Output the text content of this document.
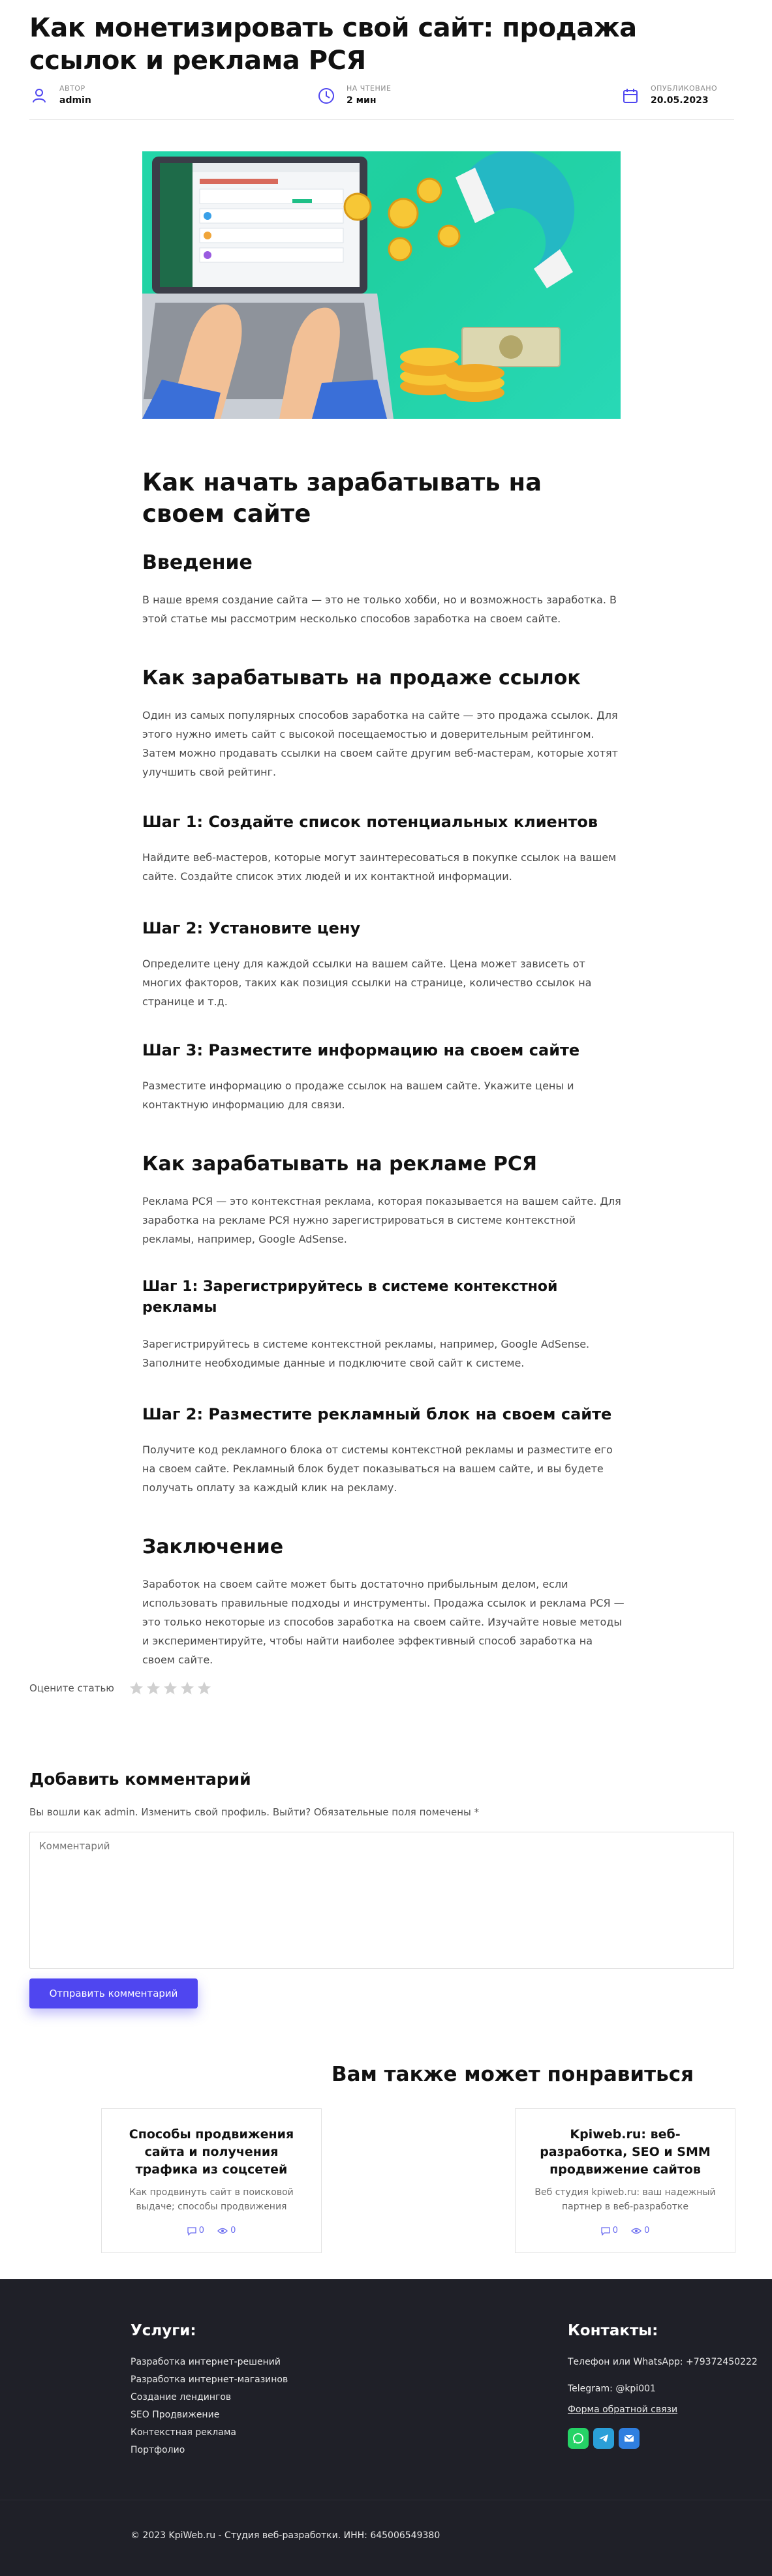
Как монетизировать свой сайт: продажа ссылок и реклама РСЯ
АВТОР
admin
НА ЧТЕНИЕ
2 мин
ОПУБЛИКОВАНО
20.05.2023
Как начать зарабатывать на своем сайте
Введение

В наше время создание сайта — это не только хобби, но и возможность заработка. В этой статье мы рассмотрим несколько способов заработка на своем сайте.

Как зарабатывать на продаже ссылок

Один из самых популярных способов заработка на сайте — это продажа ссылок. Для этого нужно иметь сайт с высокой посещаемостью и доверительным рейтингом. Затем можно продавать ссылки на своем сайте другим веб-мастерам, которые хотят улучшить свой рейтинг.

Шаг 1: Создайте список потенциальных клиентов

Найдите веб-мастеров, которые могут заинтересоваться в покупке ссылок на вашем сайте. Создайте список этих людей и их контактной информации.

Шаг 2: Установите цену

Определите цену для каждой ссылки на вашем сайте. Цена может зависеть от многих факторов, таких как позиция ссылки на странице, количество ссылок на странице и т.д.

Шаг 3: Разместите информацию на своем сайте

Разместите информацию о продаже ссылок на вашем сайте. Укажите цены и контактную информацию для связи.

Как зарабатывать на рекламе РСЯ

Реклама РСЯ — это контекстная реклама, которая показывается на вашем сайте. Для заработка на рекламе РСЯ нужно зарегистрироваться в системе контекстной рекламы, например, Google AdSense.

Шаг 1: Зарегистрируйтесь в системе контекстной рекламы

Зарегистрируйтесь в системе контекстной рекламы, например, Google AdSense. Заполните необходимые данные и подключите свой сайт к системе.

Шаг 2: Разместите рекламный блок на своем сайте

Получите код рекламного блока от системы контекстной рекламы и разместите его на своем сайте. Рекламный блок будет показываться на вашем сайте, и вы будете получать оплату за каждый клик на рекламу.

Заключение

Заработок на своем сайте может быть достаточно прибыльным делом, если использовать правильные подходы и инструменты. Продажа ссылок и реклама РСЯ — это только некоторые из способов заработка на своем сайте. Изучайте новые методы и экспериментируйте, чтобы найти наиболее эффективный способ заработка на своем сайте.

Оцените статью
Добавить комментарий

Вы вошли как admin. Изменить свой профиль. Выйти? Обязательные поля помечены *

Комментарий
Отправить комментарий
Вам также может понравиться
Способы продвижения сайта и получения трафика из соцсетей
Как продвинуть сайт в поисковой выдаче; способы продвижения

0
	0
Kpiweb.ru: веб-разработка, SEO и SMM продвижение сайтов
Веб студия kpiweb.ru: ваш надежный партнер в веб-разработке

0
	0
Услуги:
Разработка интернет-решений
Разработка интернет-магазинов
Создание лендингов
SEO Продвижение
Контекстная реклама
Портфолио
Контакты:
Телефон или WhatsApp: +79372450222
Telegram: @kpi001
Форма обратной связи
© 2023 KpiWeb.ru - Студия веб-разработки. ИНН: 645006549380
